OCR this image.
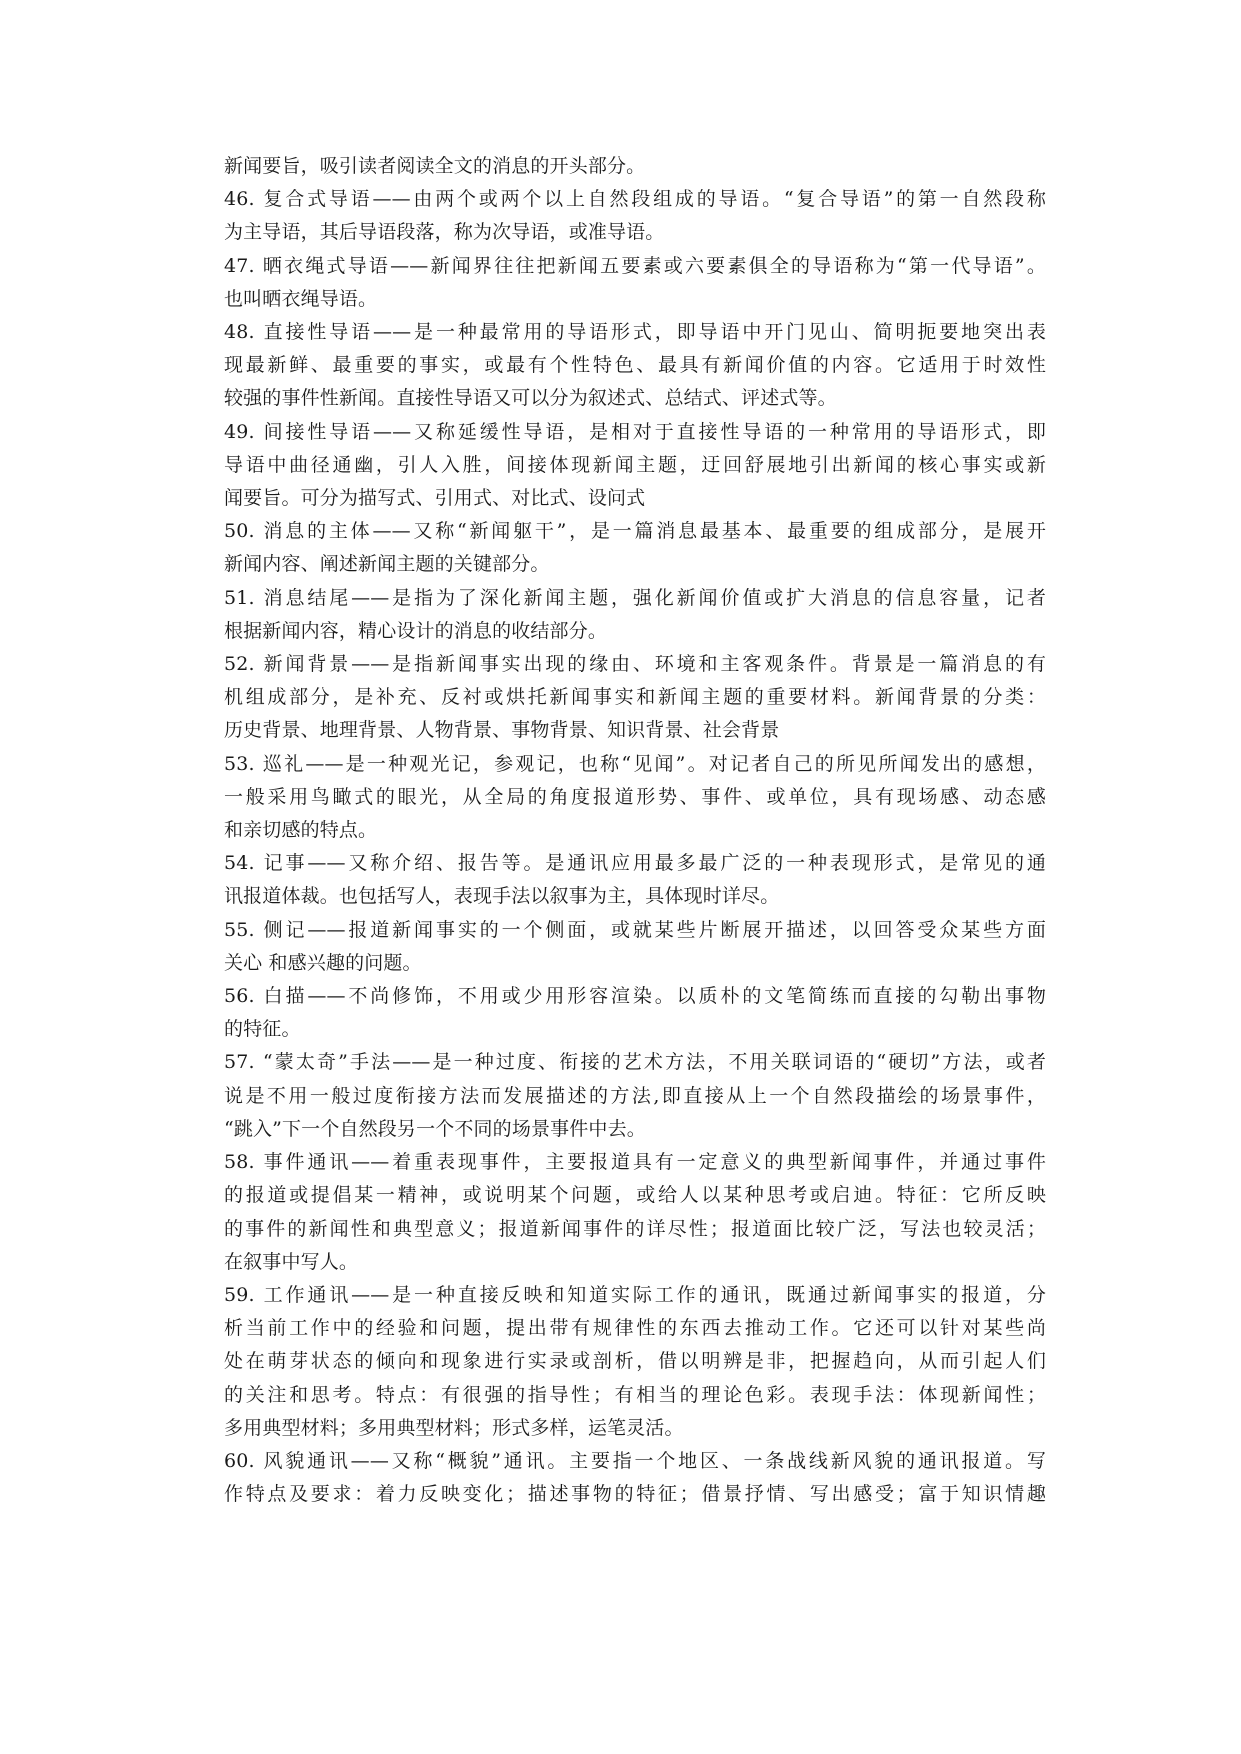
新闻要旨，吸引读者阅读全文的消息的开头部分。
46. 复合式导语——由两个或两个以上自然段组成的导语。“复合导语”的第一自然段称
为主导语，其后导语段落，称为次导语，或准导语。
47. 晒衣绳式导语——新闻界往往把新闻五要素或六要素俱全的导语称为“第一代导语”。
也叫晒衣绳导语。
48. 直接性导语——是一种最常用的导语形式，即导语中开门见山、简明扼要地突出表
现最新鲜、最重要的事实，或最有个性特色、最具有新闻价值的内容。它适用于时效性
较强的事件性新闻。直接性导语又可以分为叙述式、总结式、评述式等。
49. 间接性导语——又称延缓性导语，是相对于直接性导语的一种常用的导语形式，即
导语中曲径通幽，引人入胜，间接体现新闻主题，迂回舒展地引出新闻的核心事实或新
闻要旨。可分为描写式、引用式、对比式、设问式
50. 消息的主体——又称“新闻躯干”，是一篇消息最基本、最重要的组成部分，是展开
新闻内容、阐述新闻主题的关键部分。
51. 消息结尾——是指为了深化新闻主题，强化新闻价值或扩大消息的信息容量，记者
根据新闻内容，精心设计的消息的收结部分。
52. 新闻背景——是指新闻事实出现的缘由、环境和主客观条件。背景是一篇消息的有
机组成部分，是补充、反衬或烘托新闻事实和新闻主题的重要材料。新闻背景的分类：
历史背景、地理背景、人物背景、事物背景、知识背景、社会背景
53. 巡礼——是一种观光记，参观记，也称“见闻”。对记者自己的所见所闻发出的感想，
一般采用鸟瞰式的眼光，从全局的角度报道形势、事件、或单位，具有现场感、动态感
和亲切感的特点。
54. 记事——又称介绍、报告等。是通讯应用最多最广泛的一种表现形式，是常见的通
讯报道体裁。也包括写人，表现手法以叙事为主，具体现时详尽。
55. 侧记——报道新闻事实的一个侧面，或就某些片断展开描述，以回答受众某些方面
关心 和感兴趣的问题。
56. 白描——不尚修饰，不用或少用形容渲染。以质朴的文笔简练而直接的勾勒出事物
的特征。
57. “蒙太奇”手法——是一种过度、衔接的艺术方法，不用关联词语的“硬切”方法，或者
说是不用一般过度衔接方法而发展描述的方法,即直接从上一个自然段描绘的场景事件，
“跳入”下一个自然段另一个不同的场景事件中去。
58. 事件通讯——着重表现事件，主要报道具有一定意义的典型新闻事件，并通过事件
的报道或提倡某一精神，或说明某个问题，或给人以某种思考或启迪。特征：它所反映
的事件的新闻性和典型意义；报道新闻事件的详尽性；报道面比较广泛，写法也较灵活；
在叙事中写人。
59. 工作通讯——是一种直接反映和知道实际工作的通讯，既通过新闻事实的报道，分
析当前工作中的经验和问题，提出带有规律性的东西去推动工作。它还可以针对某些尚
处在萌芽状态的倾向和现象进行实录或剖析，借以明辨是非，把握趋向，从而引起人们
的关注和思考。特点：有很强的指导性；有相当的理论色彩。表现手法：体现新闻性；
多用典型材料；多用典型材料；形式多样，运笔灵活。
60. 风貌通讯——又称“概貌”通讯。主要指一个地区、一条战线新风貌的通讯报道。写
作特点及要求：着力反映变化；描述事物的特征；借景抒情、写出感受；富于知识情趣
